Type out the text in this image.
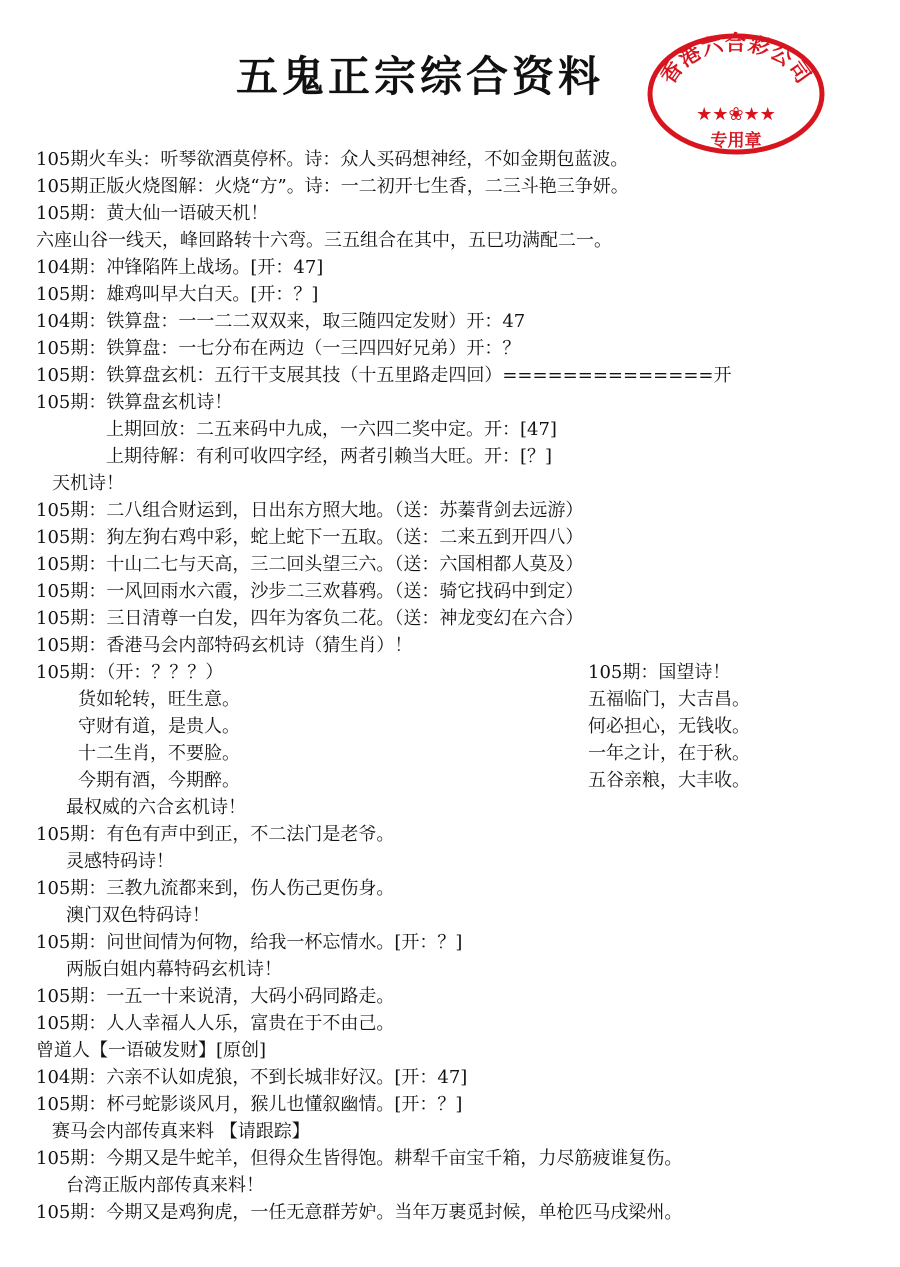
五鬼正宗综合资料	香港六合彩公司
★★❀★★
专用章
105期火车头：听琴欲酒莫停杯。诗：众人买码想神经，不如金期包蓝波。
105期正版火烧图解：火烧“方”。诗：一二初开七生香，二三斗艳三争妍。
105期：黄大仙一语破天机！
六座山谷一线天，峰回路转十六弯。三五组合在其中，五巳功满配二一。
104期：冲锋陷阵上战场。[开：47]
105期：雄鸡叫早大白天。[开：？]
104期：铁算盘：一一二二双双来，取三随四定发财）开：47
105期：铁算盘：一七分布在两边（一三四四好兄弟）开：？
105期：铁算盘玄机：五行干支展其技（十五里路走四回）==============开
105期：铁算盘玄机诗！
上期回放：二五来码中九成，一六四二奖中定。开：[47]
上期待解：有利可收四字经，两者引赖当大旺。开：[？]
天机诗！
105期：二八组合财运到，日出东方照大地。（送：苏蓁背剑去远游）
105期：狗左狗右鸡中彩，蛇上蛇下一五取。（送：二来五到开四八）
105期：十山二七与天高，三二回头望三六。（送：六国相都人莫及）
105期：一风回雨水六霞，沙步二三欢暮鸦。（送：骑它找码中到定）
105期：三日清尊一白发，四年为客负二花。（送：神龙变幻在六合）
105期：香港马会内部特码玄机诗（猜生肖）！
105期：（开：？？？）
货如轮转，旺生意。
守财有道，是贵人。
十二生肖，不要脸。
今期有酒，今期醉。
105期：国望诗！
五福临门，大吉昌。
何必担心，无钱收。
一年之计，在于秋。
五谷亲粮，大丰收。
最权威的六合玄机诗！
105期：有色有声中到正，不二法门是老爷。
灵感特码诗！
105期：三教九流都来到，伤人伤己更伤身。
澳门双色特码诗！
105期：问世间情为何物，给我一杯忘情水。[开：？]
两版白姐内幕特码玄机诗！
105期：一五一十来说清，大码小码同路走。
105期：人人幸福人人乐，富贵在于不由己。
曾道人【一语破发财】[原创]
104期：六亲不认如虎狼，不到长城非好汉。[开：47]
105期：杯弓蛇影谈风月，猴儿也懂叙幽情。[开：？]
赛马会内部传真来料 【请跟踪】
105期：今期又是牛蛇羊，但得众生皆得饱。耕犁千亩宝千箱，力尽筋疲谁复伤。
台湾正版内部传真来料！
105期：今期又是鸡狗虎，一任无意群芳妒。当年万裹觅封候，单枪匹马戌梁州。
